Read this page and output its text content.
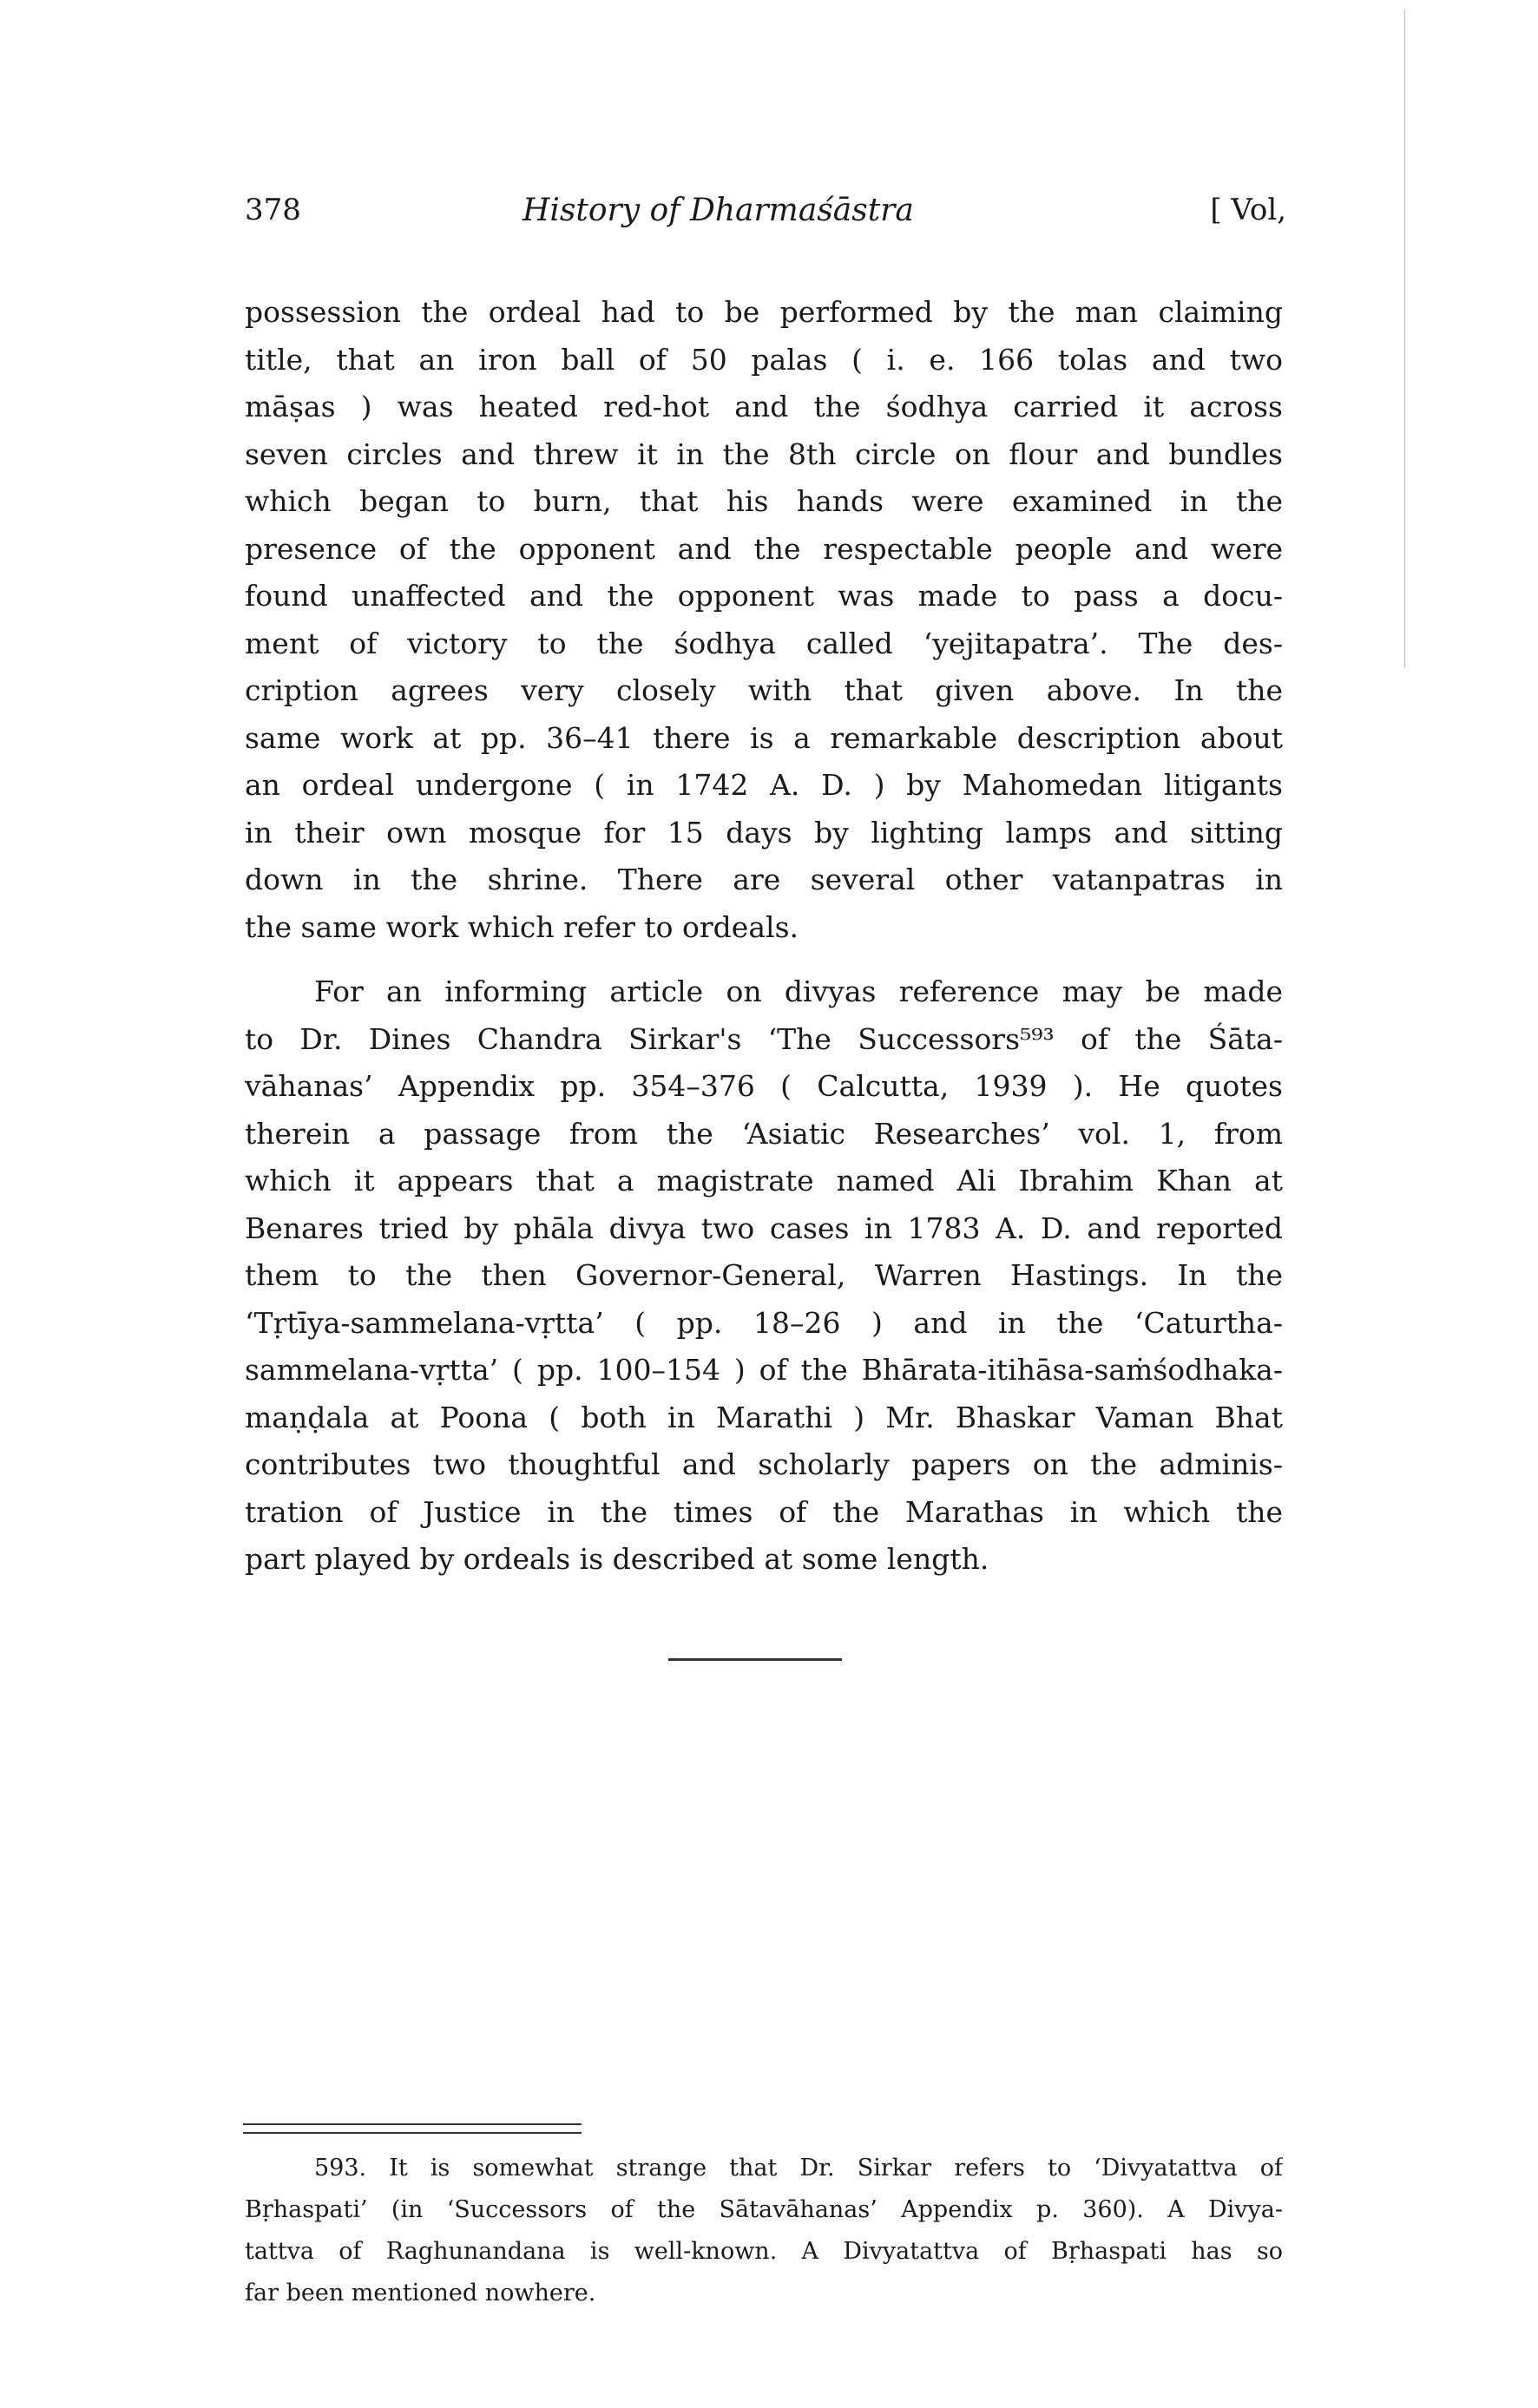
378	History of Dharmaśāstra	[ Vol,
possession the ordeal had to be performed by the man claiming
title, that an iron ball of 50 palas ( i. e. 166 tolas and two
māṣas ) was heated red-hot and the śodhya carried it across
seven circles and threw it in the 8th circle on flour and bundles
which began to burn, that his hands were examined in the
presence of the opponent and the respectable people and were
found unaffected and the opponent was made to pass a docu-
ment of victory to the śodhya called ‘yejitapatra’. The des-
cription agrees very closely with that given above. In the
same work at pp. 36–41 there is a remarkable description about
an ordeal undergone ( in 1742 A. D. ) by Mahomedan litigants
in their own mosque for 15 days by lighting lamps and sitting
down in the shrine. There are several other vatanpatras in
the same work which refer to ordeals.
For an informing article on divyas reference may be made
to Dr. Dines Chandra Sirkar's ‘The Successors⁵⁹³ of the Śāta-
vāhanas’ Appendix pp. 354–376 ( Calcutta, 1939 ). He quotes
therein a passage from the ‘Asiatic Researches’ vol. 1, from
which it appears that a magistrate named Ali Ibrahim Khan at
Benares tried by phāla divya two cases in 1783 A. D. and reported
them to the then Governor-General, Warren Hastings. In the
‘Tṛtīya-sammelana-vṛtta’ ( pp. 18–26 ) and in the ‘Caturtha-
sammelana-vṛtta’ ( pp. 100–154 ) of the Bhārata-itihāsa-saṁśodhaka-
maṇḍala at Poona ( both in Marathi ) Mr. Bhaskar Vaman Bhat
contributes two thoughtful and scholarly papers on the adminis-
tration of Justice in the times of the Marathas in which the
part played by ordeals is described at some length.
593. It is somewhat strange that Dr. Sirkar refers to ‘Divyatattva of
Bṛhaspati’ (in ‘Successors of the Sātavāhanas’ Appendix p. 360). A Divya-
tattva of Raghunandana is well-known. A Divyatattva of Bṛhaspati has so
far been mentioned nowhere.
